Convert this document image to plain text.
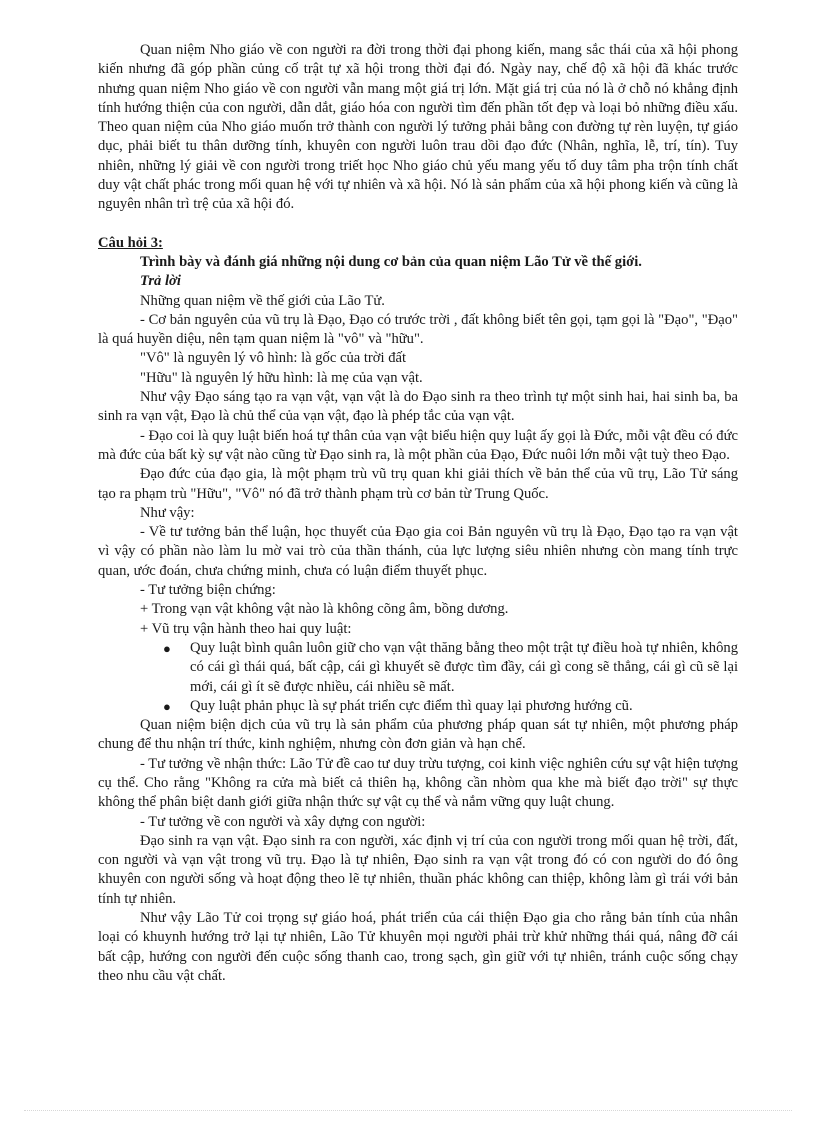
Quan niệm Nho giáo về con người ra đời trong thời đại phong kiến, mang sắc thái của xã hội phong kiến nhưng đã góp phần củng cố trật tự xã hội trong thời đại đó. Ngày nay, chế độ xã hội đã khác trước nhưng quan niệm Nho giáo về con người vẫn mang một giá trị lớn. Mặt giá trị của nó là ở chỗ nó khẳng định tính hướng thiện của con người, dẫn dắt, giáo hóa con người tìm đến phần tốt đẹp và loại bỏ những điều xấu. Theo quan niệm của Nho giáo muốn trở thành con người lý tưởng phải bằng con đường tự rèn luyện, tự giáo dục, phải biết tu thân dưỡng tính, khuyên con người luôn trau dồi đạo đức (Nhân, nghĩa, lễ, trí, tín). Tuy nhiên, những lý giải về con người trong triết học Nho giáo chủ yếu mang yếu tố duy tâm pha trộn tính chất duy vật chất phác trong mối quan hệ với tự nhiên và xã hội. Nó là sản phẩm của xã hội phong kiến và cũng là nguyên nhân trì trệ của xã hội đó.

Câu hỏi 3:

Trình bày và đánh giá những nội dung cơ bản của quan niệm Lão Tử về thế giới.

Trả lời

Những quan niệm về thế giới của Lão Tử.

- Cơ bản nguyên của vũ trụ là Đạo, Đạo có trước trời , đất không biết tên gọi, tạm gọi là "Đạo", "Đạo" là quá huyền diệu, nên tạm quan niệm là "vô" và "hữu".

"Vô" là nguyên lý vô hình: là gốc của trời đất

"Hữu" là nguyên lý hữu hình: là mẹ của vạn vật.

Như vậy Đạo sáng tạo ra vạn vật, vạn vật là do Đạo sinh ra theo trình tự một sinh hai, hai sinh ba, ba sinh ra vạn vật, Đạo là chủ thể của vạn vật, đạo là phép tắc của vạn vật.

- Đạo coi là quy luật biến hoá tự thân của vạn vật biểu hiện quy luật ấy gọi là Đức, mỗi vật đều có đức mà đức của bất kỳ sự vật nào cũng từ Đạo sinh ra, là một phần của Đạo, Đức nuôi lớn mỗi vật tuỳ theo Đạo.

Đạo đức của đạo gia, là một phạm trù vũ trụ quan khi giải thích về bản thể của vũ trụ, Lão Tử sáng tạo ra phạm trù "Hữu", "Vô" nó đã trở thành phạm trù cơ bản từ Trung Quốc.

Như vậy:

- Về tư tưởng bản thể luận, học thuyết của Đạo gia coi Bản nguyên vũ trụ là Đạo, Đạo tạo ra vạn vật vì vậy có phần nào làm lu mờ vai trò của thần thánh, của lực lượng siêu nhiên nhưng còn mang tính trực quan, ước đoán, chưa chứng minh, chưa có luận điểm thuyết phục.

- Tư tưởng biện chứng:

+ Trong vạn vật không vật nào là không cõng âm, bồng dương.

+ Vũ trụ vận hành theo hai quy luật:

● Quy luật bình quân luôn giữ cho vạn vật thăng bằng theo một trật tự điều hoà tự nhiên, không có cái gì thái quá, bất cập, cái gì khuyết sẽ được tìm đầy, cái gì cong sẽ thẳng, cái gì cũ sẽ lại mới, cái gì ít sẽ được nhiều, cái nhiều sẽ mất.
● Quy luật phản phục là sự phát triển cực điểm thì quay lại phương hướng cũ.

Quan niệm biện dịch của vũ trụ là sản phẩm của phương pháp quan sát tự nhiên, một phương pháp chung để thu nhận trí thức, kinh nghiệm, nhưng còn đơn giản và hạn chế.

- Tư tưởng về nhận thức: Lão Tử đề cao tư duy trừu tượng, coi kinh việc nghiên cứu sự vật hiện tượng cụ thể. Cho rằng "Không ra cửa mà biết cả thiên hạ, không cần nhòm qua khe mà biết đạo trời" sự thực không thể phân biệt danh giới giữa nhận thức sự vật cụ thể và nắm vững quy luật chung.

- Tư tưởng về con người và xây dựng con người:

Đạo sinh ra vạn vật. Đạo sinh ra con người, xác định vị trí của con người trong mối quan hệ trời, đất, con người và vạn vật trong vũ trụ. Đạo là tự nhiên, Đạo sinh ra vạn vật trong đó có con người do đó ông khuyên con người sống và hoạt động theo lẽ tự nhiên, thuần phác không can thiệp, không làm gì trái với bản tính tự nhiên.

Như vậy Lão Tử coi trọng sự giáo hoá, phát triển của cái thiện Đạo gia cho rằng bản tính của nhân loại có khuynh hướng trở lại tự nhiên, Lão Tử khuyên mọi người phải trừ khử những thái quá, nâng đỡ cái bất cập, hướng con người đến cuộc sống thanh cao, trong sạch, gìn giữ với tự nhiên, tránh cuộc sống chạy theo nhu cầu vật chất.
